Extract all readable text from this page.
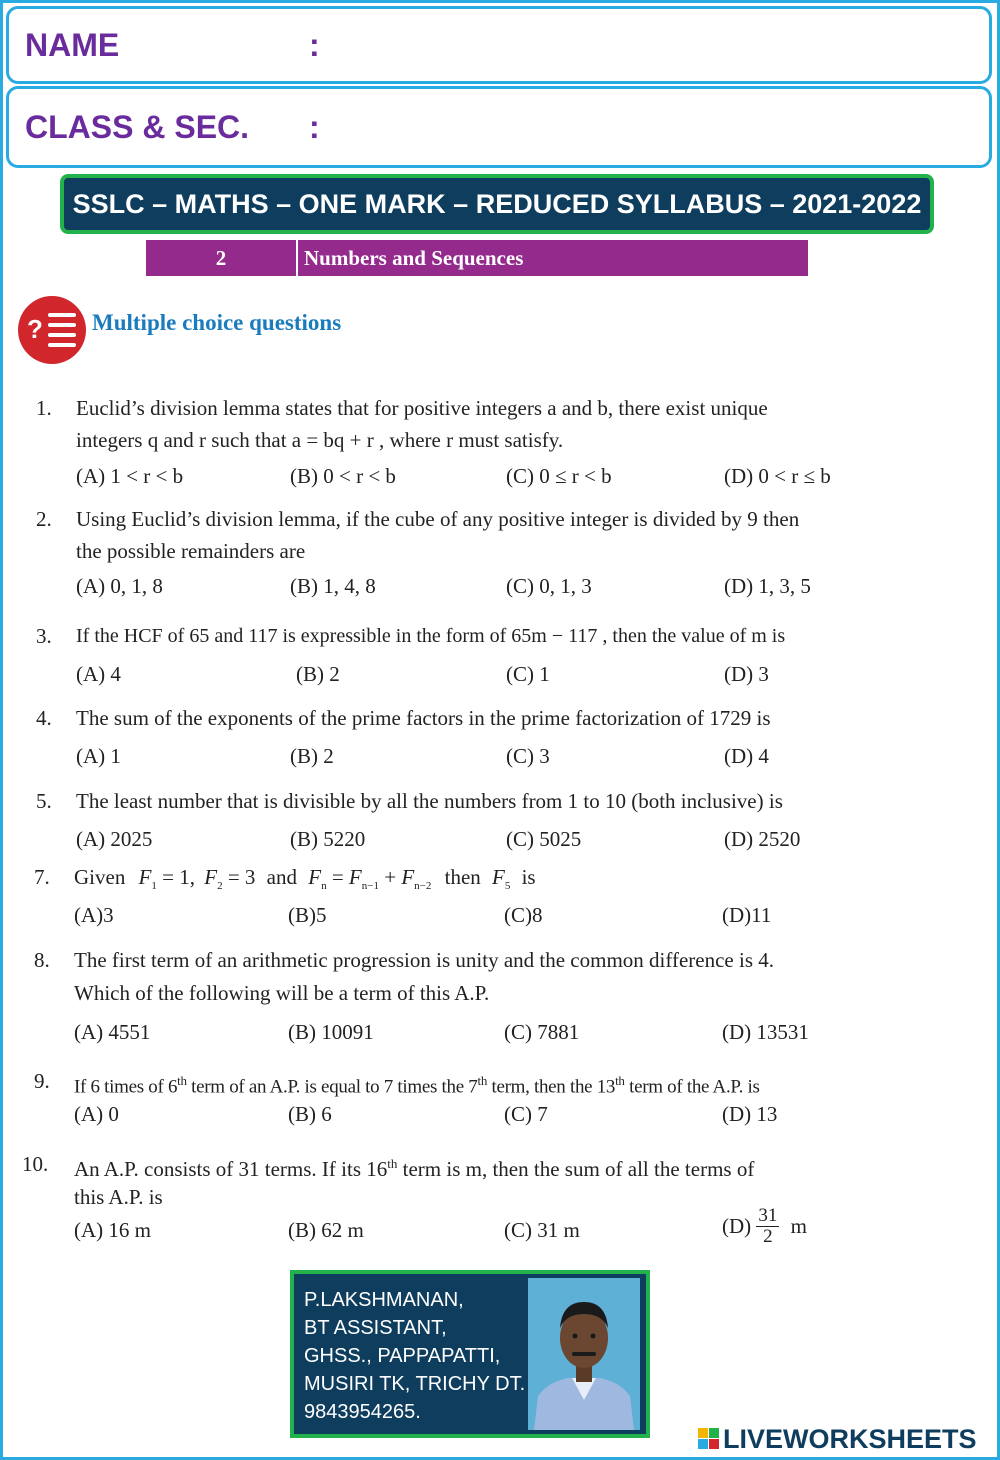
NAME	:
CLASS & SEC. :
SSLC – MATHS – ONE MARK – REDUCED SYLLABUS – 2021-2022
2	Numbers and Sequences
? Multiple choice questions
1. Euclid’s division lemma states that for positive integers a and b, there exist unique
integers q and r such that a = bq + r , where r must satisfy.
(A) 1 < r < b	(B) 0 < r < b	(C) 0 ≤ r < b	(D) 0 < r ≤ b
2. Using Euclid’s division lemma, if the cube of any positive integer is divided by 9 then
the possible remainders are
(A) 0, 1, 8	(B) 1, 4, 8	(C) 0, 1, 3	(D) 1, 3, 5
3. If the HCF of 65 and 117 is expressible in the form of 65m − 117 , then the value of m is
(A) 4	(B) 2	(C) 1	(D) 3
4. The sum of the exponents of the prime factors in the prime factorization of 1729 is
(A) 1	(B) 2	(C) 3	(D) 4
5. The least number that is divisible by all the numbers from 1 to 10 (both inclusive) is
(A) 2025	(B) 5220	(C) 5025	(D) 2520
7. Given $F_1 = 1$, $F_2 = 3$ and $F_n = F_{n-1} + F_{n-2}$ then $F_5$ is
(A)3	(B)5	(C)8	(D)11
8. The first term of an arithmetic progression is unity and the common difference is 4.
Which of the following will be a term of this A.P.
(A) 4551	(B) 10091	(C) 7881	(D) 13531
9. If 6 times of 6th term of an A.P. is equal to 7 times the 7th term, then the 13th term of the A.P. is
(A) 0	(B) 6	(C) 7	(D) 13
10. An A.P. consists of 31 terms. If its 16th term is m, then the sum of all the terms of
this A.P. is
(A) 16 m	(B) 62 m	(C) 31 m	$(D) \frac{31}{2}$ m
P.LAKSHMANAN,
BT ASSISTANT,
GHSS., PAPPAPATTI,
MUSIRI TK, TRICHY DT.
9843954265.
LIVEWORKSHEETS
